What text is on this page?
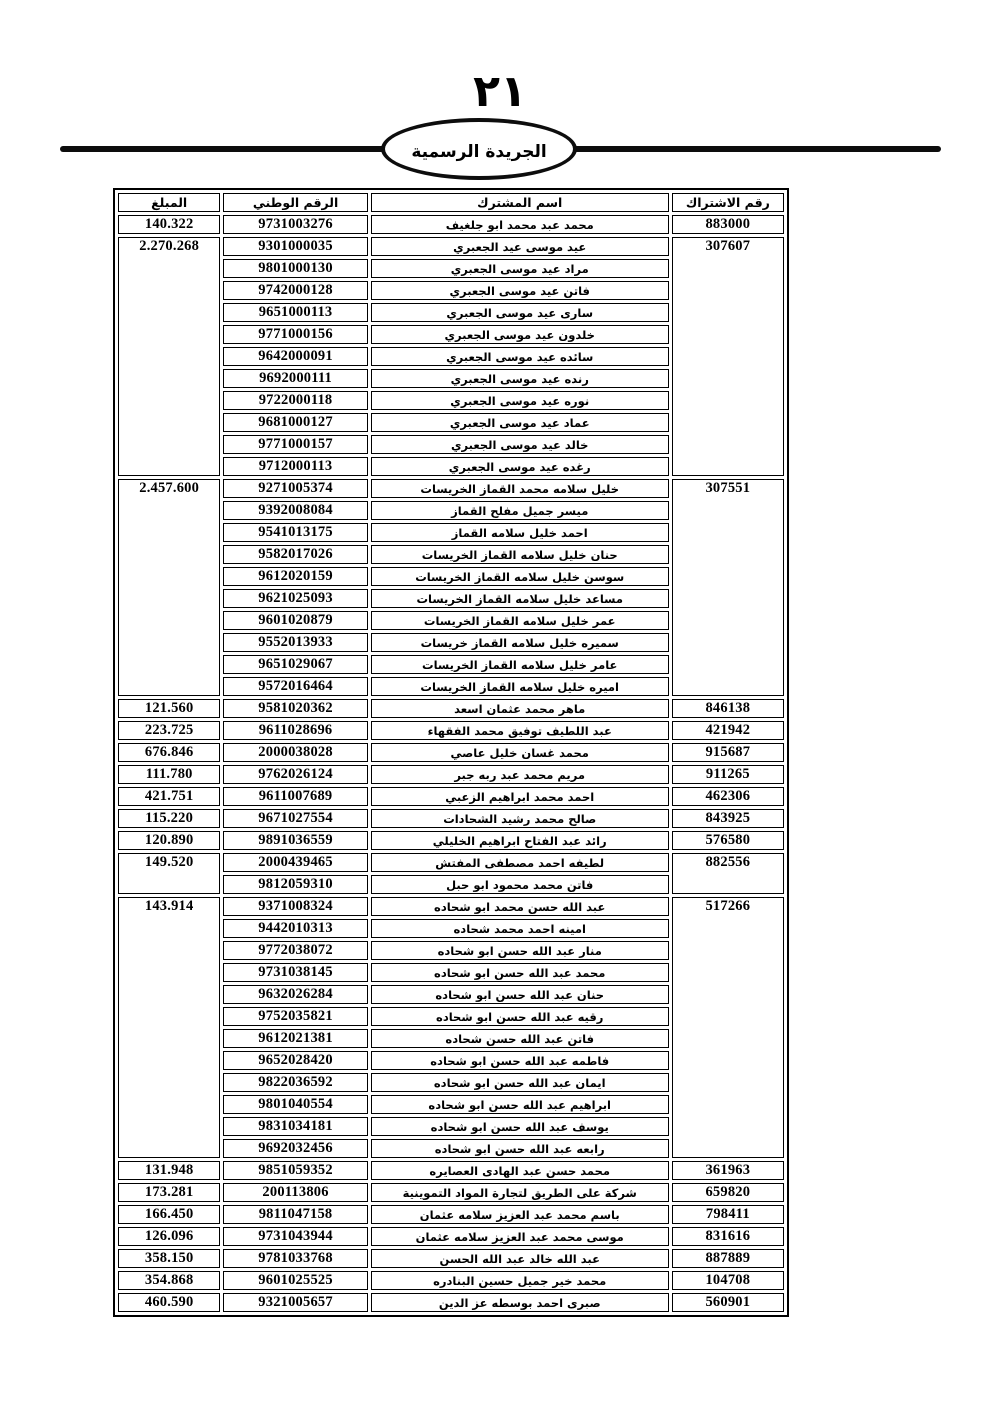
٢١
الجريدة الرسمية
رقم الاشتراك	اسم المشترك	الرقم الوطني	المبلغ
883000	محمد عبد محمد ابو جلغيف	9731003276	140.322
307607	عيد موسى عيد الجعبري	9301000035	2.270.268
	مراد عيد موسى الجعبري	9801000130	
	فاتن عيد موسى الجعبري	9742000128	
	سارى عيد موسى الجعبري	9651000113	
	خلدون عيد موسى الجعبري	9771000156	
	سائده عيد موسى الجعبري	9642000091	
	رنده عيد موسى الجعبري	9692000111	
	نوره عيد موسى الجعبري	9722000118	
	عماد عيد موسى الجعبري	9681000127	
	خالد عيد موسى الجعبري	9771000157	
	رغده عيد موسى الجعبري	9712000113	
307551	خليل سلامه محمد القماز الخريسات	9271005374	2.457.600
	ميسر جميل مفلح القماز	9392008084	
	احمد خليل سلامه القماز	9541013175	
	حنان خليل سلامه القماز الخريسات	9582017026	
	سوسن خليل سلامه القماز الخريسات	9612020159	
	مساعد خليل سلامه القماز الخريسات	9621025093	
	عمر خليل سلامه القماز الخريسات	9601020879	
	سميره خليل سلامه القماز خريسات	9552013933	
	عامر خليل سلامه القماز الخريسات	9651029067	
	اميره خليل سلامه القماز الخريسات	9572016464	
846138	ماهر محمد عثمان اسعد	9581020362	121.560
421942	عبد اللطيف توفيق محمد الفقهاء	9611028696	223.725
915687	محمد غسان خليل عاصي	2000038028	676.846
911265	مريم محمد عبد ربه جبر	9762026124	111.780
462306	احمد محمد ابراهيم الزعبي	9611007689	421.751
843925	صالح محمد رشيد الشحادات	9671027554	115.220
576580	رائد عبد الفتاح ابراهيم الخليلي	9891036559	120.890
882556	لطيفه احمد مصطفى المفتش	2000439465	149.520
	فاتن محمد محمود ابو حبل	9812059310	
517266	عبد الله حسن محمد ابو شحاده	9371008324	143.914
	امينه احمد محمد شحاده	9442010313	
	منار عبد الله حسن ابو شحاده	9772038072	
	محمد عبد الله حسن ابو شحاده	9731038145	
	حنان عبد الله حسن ابو شحاده	9632026284	
	رقيه عبد الله حسن ابو شحاده	9752035821	
	فاتن عبد الله حسن شحاده	9612021381	
	فاطمه عبد الله حسن ابو شحاده	9652028420	
	ايمان عبد الله حسن ابو شحاده	9822036592	
	ابراهيم عبد الله حسن ابو شحاده	9801040554	
	يوسف عبد الله حسن ابو شحاده	9831034181	
	رابعه عبد الله حسن ابو شحاده	9692032456	
361963	محمد حسن عبد الهادى العصايره	9851059352	131.948
659820	شركة على الطريق لتجارة المواد التموينية	200113806	173.281
798411	باسم محمد عبد العزيز سلامه عثمان	9811047158	166.450
831616	موسى محمد عبد العزيز سلامه عثمان	9731043944	126.096
887889	عبد الله خالد عبد الله الحسن	9781033768	358.150
104708	محمد خير جميل حسين البنادره	9601025525	354.868
560901	صبرى احمد بوسطه عز الدين	9321005657	460.590
